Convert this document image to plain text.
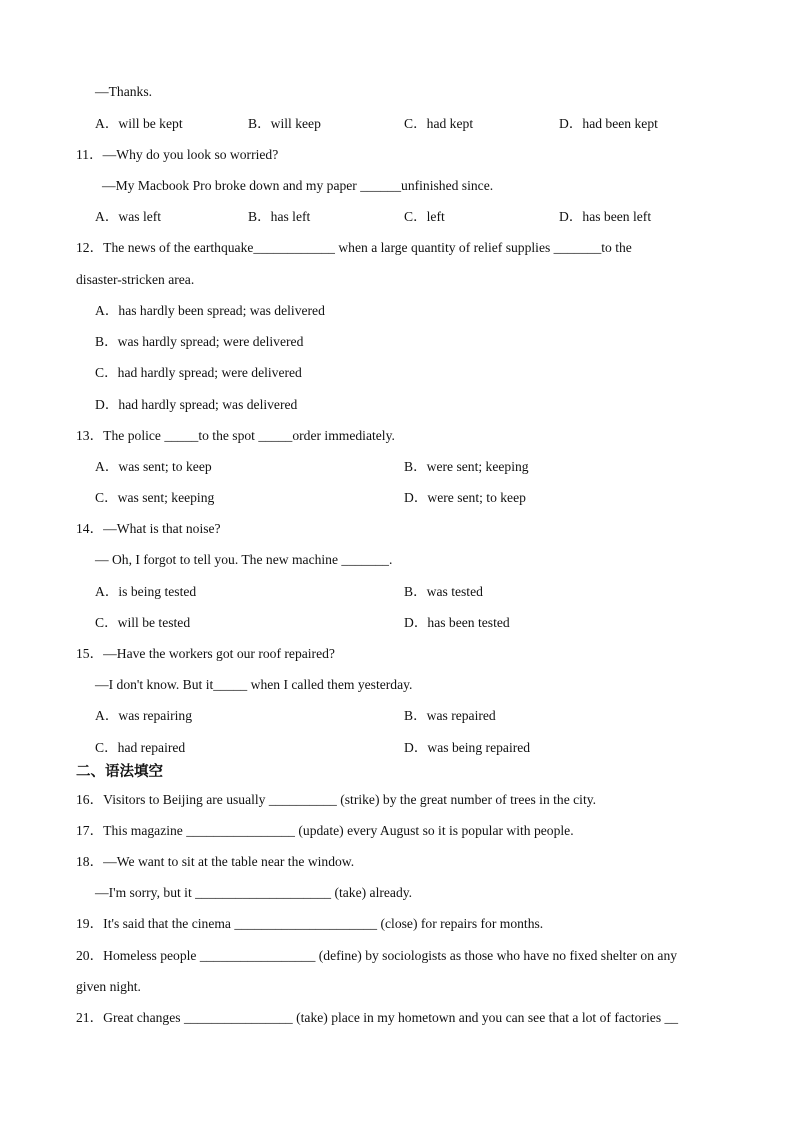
—Thanks.
A．will be kept	B．will keep	C．had kept	D．had been kept
11．—Why do you look so worried?
—My Macbook Pro broke down and my paper ______unfinished since.
A．was left	B．has left	C．left	D．has been left
12．The news of the earthquake____________ when a large quantity of relief supplies _______to the
disaster-stricken area.
A．has hardly been spread; was delivered
B．was hardly spread; were delivered
C．had hardly spread; were delivered
D．had hardly spread; was delivered
13．The police _____to the spot _____order immediately.
A．was sent; to keep	B．were sent; keeping
C．was sent; keeping	D．were sent; to keep
14．—What is that noise?
— Oh, I forgot to tell you. The new machine _______.
A．is being tested	B．was tested
C．will be tested	D．has been tested
15．—Have the workers got our roof repaired?
—I don't know. But it_____ when I called them yesterday.
A．was repairing	B．was repaired
C．had repaired	D．was being repaired
二、语法填空
16．Visitors to Beijing are usually __________ (strike) by the great number of trees in the city.
17．This magazine ________________ (update) every August so it is popular with people.
18．—We want to sit at the table near the window.
—I'm sorry, but it ____________________ (take) already.
19．It's said that the cinema _____________________ (close) for repairs for months.
20．Homeless people _________________ (define) by sociologists as those who have no fixed shelter on any
given night.
21．Great changes ________________ (take) place in my hometown and you can see that a lot of factories __
